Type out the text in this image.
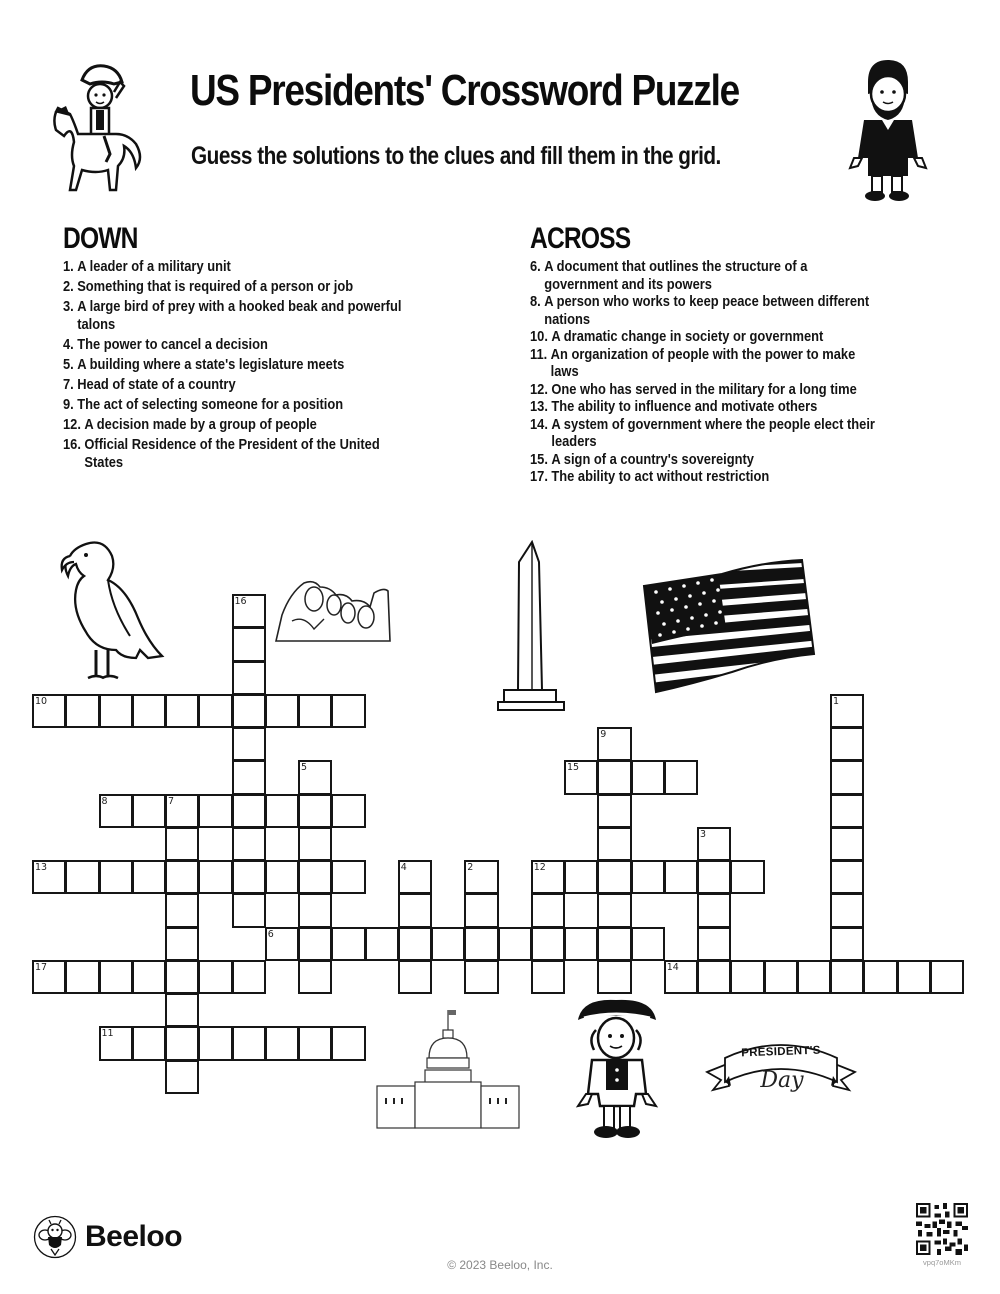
US Presidents' Crossword Puzzle
Guess the solutions to the clues and fill them in the grid.
DOWN
1. A leader of a military unit
2. Something that is required of a person or job
3. A large bird of prey with a hooked beak and powerful talons
4. The power to cancel a decision
5. A building where a state's legislature meets
7. Head of state of a country
9. The act of selecting someone for a position
12. A decision made by a group of people
16. Official Residence of the President of the United States
ACROSS
6. A document that outlines the structure of a government and its powers
8. A person who works to keep peace between different nations
10. A dramatic change in society or government
11. An organization of people with the power to make laws
12. One who has served in the military for a long time
13. The ability to influence and motivate others
14. A system of government where the people elect their leaders
15. A sign of a country's sovereignty
17. The ability to act without restriction
16
10	1
9
5	15
8	7
3
13	4	2	12
6
17	14
11
PRESIDENT'S
Day
Beeloo
© 2023 Beeloo, Inc.	vpq7oMKm
